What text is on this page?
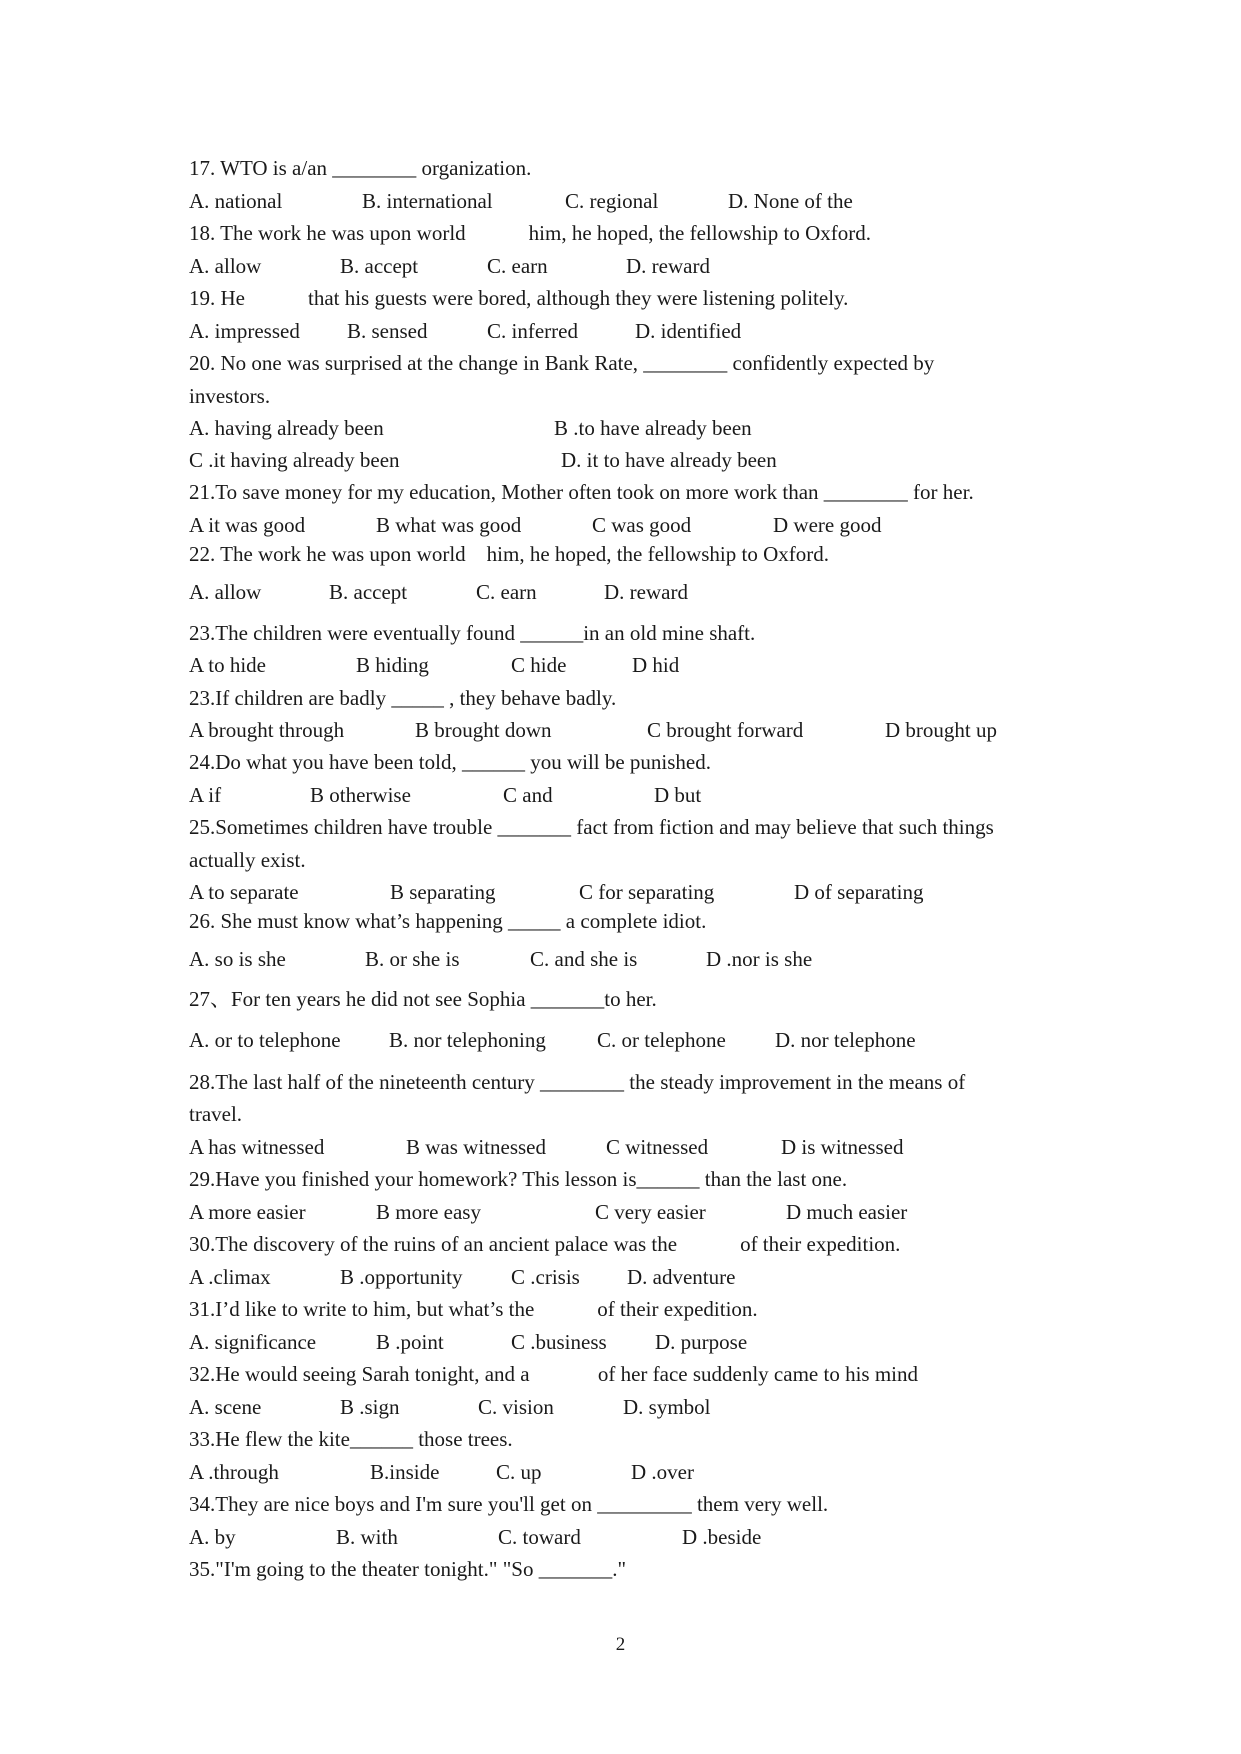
17. WTO is a/an ________ organization.
A. national	B. international	C. regional	D. None of the
18. The work he was upon world            him, he hoped, the fellowship to Oxford.
A. allow	B. accept	C. earn	D. reward
19. He            that his guests were bored, although they were listening politely.
A. impressed B. sensed	C. inferred	D. identified
20. No one was surprised at the change in Bank Rate, ________ confidently expected by
investors.
A. having already been	B .to have already been
C .it having already been	D. it to have already been
21.To save money for my education, Mother often took on more work than ________ for her.
A it was good	B what was good	C was good	D were good
22. The work he was upon world    him, he hoped, the fellowship to Oxford.
A. allow	B. accept	C. earn	D. reward
23.The children were eventually found ______in an old mine shaft.
A to hide	B hiding	C hide	D hid
23.If children are badly _____ , they behave badly.
A brought through	B brought down	C brought forward	D brought up
24.Do what you have been told, ______ you will be punished.
A if	B otherwise	C and	D but
25.Sometimes children have trouble _______ fact from fiction and may believe that such things
actually exist.
A to separate	B separating	C for separating	D of separating
26. She must know what’s happening _____ a complete idiot.
A. so is she	B. or she is	C. and she is	D .nor is she
27、For ten years he did not see Sophia _______to her.
A. or to telephone B. nor telephoning C. or telephone D. nor telephone
28.The last half of the nineteenth century ________ the steady improvement in the means of
travel.
A has witnessed	B was witnessed	C witnessed	D is witnessed
29.Have you finished your homework? This lesson is______ than the last one.
A more easier	B more easy	C very easier	D much easier
30.The discovery of the ruins of an ancient palace was the            of their expedition.
A .climax	B .opportunity C .crisis D. adventure
31.I’d like to write to him, but what’s the            of their expedition.
A. significance	B .point	C .business D. purpose
32.He would seeing Sarah tonight, and a             of her face suddenly came to his mind
A. scene	B .sign	C. vision	D. symbol
33.He flew the kite______ those trees.
A .through	B.inside	C. up	D .over
34.They are nice boys and I'm sure you'll get on _________ them very well.
A. by	B. with	C. toward	D .beside
35."I'm going to the theater tonight." "So _______."
2
